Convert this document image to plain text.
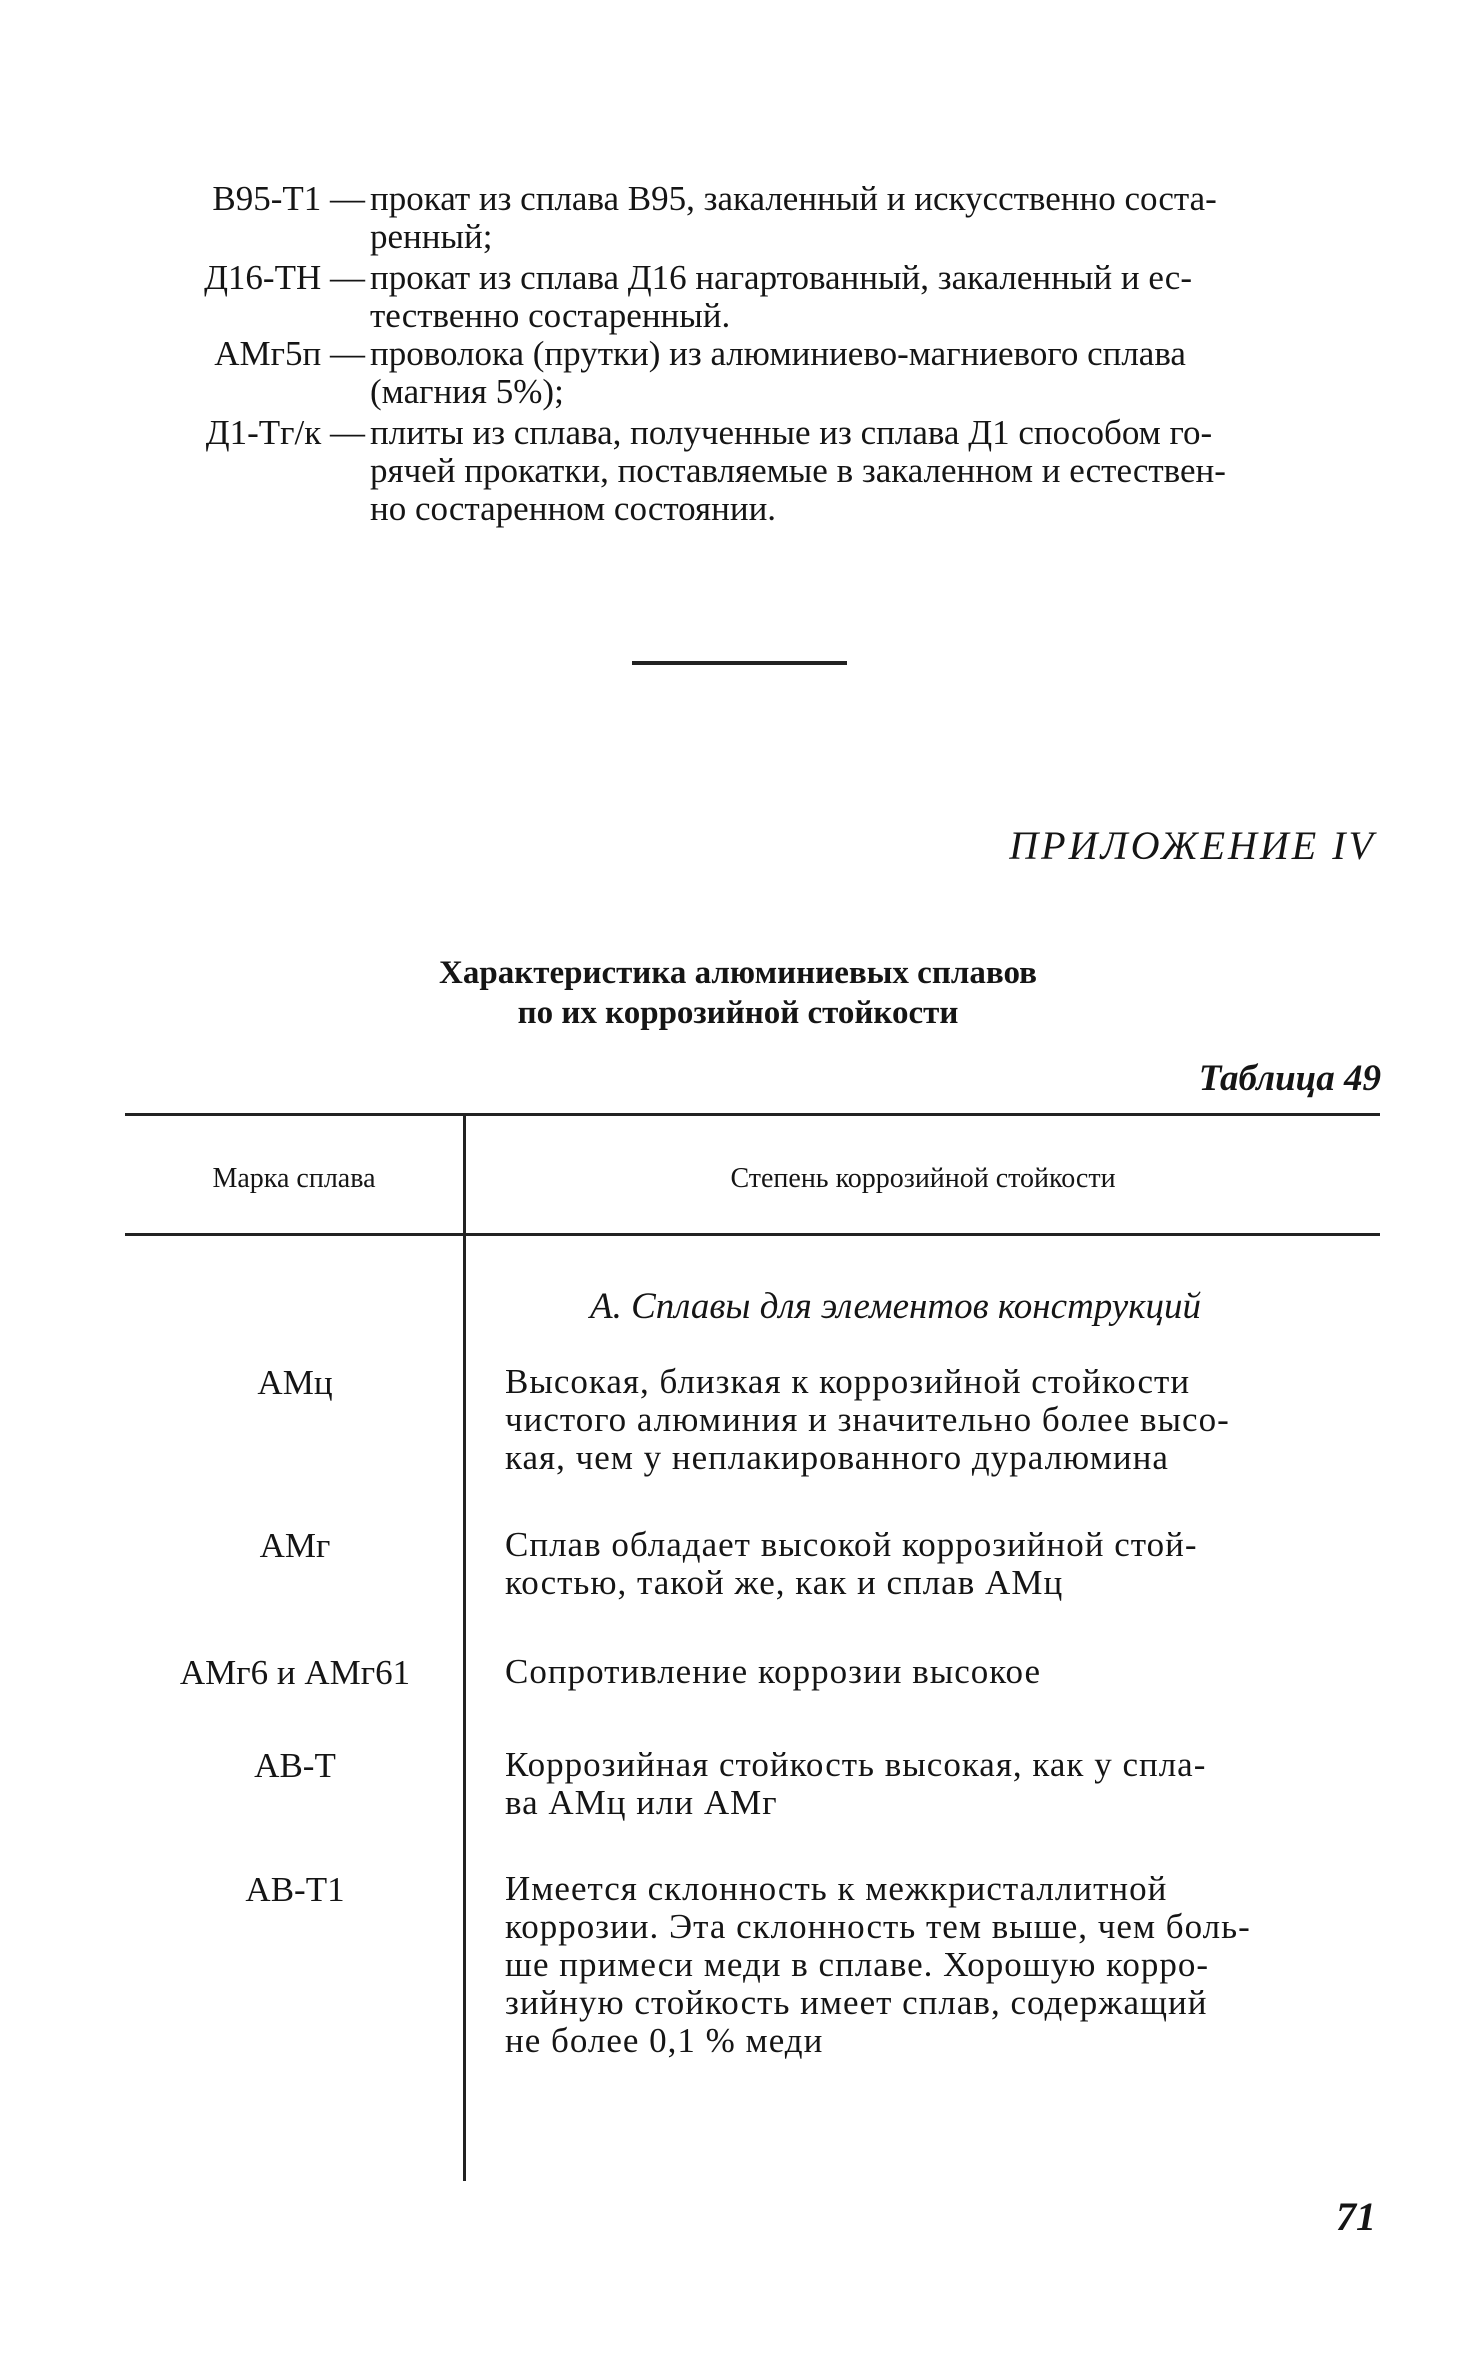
В95-Т1 — прокат из сплава В95, закаленный и искусственно соста-
ренный;
Д16-ТН — прокат из сплава Д16 нагартованный, закаленный и ес-
тественно состаренный.
АМг5п — проволока (прутки) из алюминиево-магниевого сплава
(магния 5%);
Д1-Тг/к — плиты из сплава, полученные из сплава Д1 способом го-
рячей прокатки, поставляемые в закаленном и естествен-
но состаренном состоянии.
ПРИЛОЖЕНИЕ IV
Характеристика алюминиевых сплавов
по их коррозийной стойкости
Таблица 49
Марка сплава	Степень коррозийной стойкости
А. Сплавы для элементов конструкций
АМц	Высокая, близкая к коррозийной стойкости
чистого алюминия и значительно более высо-
кая, чем у неплакированного дуралюмина
АМг	Сплав обладает высокой коррозийной стой-
костью, такой же, как и сплав АМц
АМг6 и АМг61	Сопротивление коррозии высокое
АВ-Т	Коррозийная стойкость высокая, как у спла-
ва АМц или АМг
АВ-Т1	Имеется склонность к межкристаллитной
коррозии. Эта склонность тем выше, чем боль-
ше примеси меди в сплаве. Хорошую корро-
зийную стойкость имеет сплав, содержащий
не более 0,1 % меди
71
